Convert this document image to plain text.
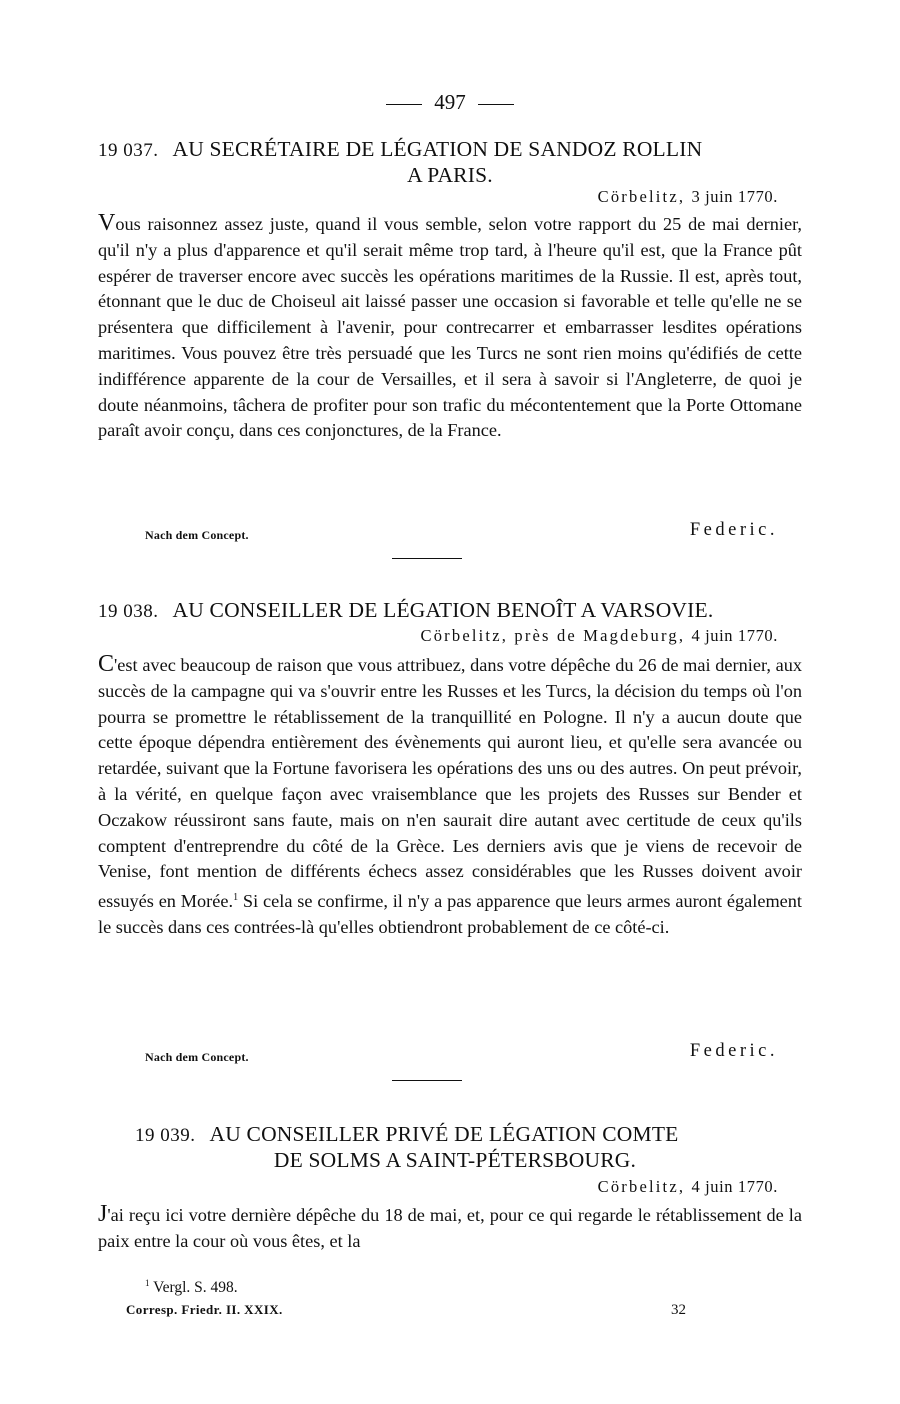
497
19 037. AU SECRÉTAIRE DE LÉGATION DE SANDOZ ROLLIN
A PARIS.
Cörbelitz, 3 juin 1770.
Vous raisonnez assez juste, quand il vous semble, selon votre rapport du 25 de mai dernier, qu'il n'y a plus d'apparence et qu'il serait même trop tard, à l'heure qu'il est, que la France pût espérer de traverser encore avec succès les opérations maritimes de la Russie. Il est, après tout, étonnant que le duc de Choiseul ait laissé passer une occasion si favorable et telle qu'elle ne se présentera que difficilement à l'avenir, pour contrecarrer et embarrasser lesdites opérations maritimes. Vous pouvez être très persuadé que les Turcs ne sont rien moins qu'édifiés de cette indifférence apparente de la cour de Versailles, et il sera à savoir si l'Angleterre, de quoi je doute néanmoins, tâchera de profiter pour son trafic du mécontentement que la Porte Ottomane paraît avoir conçu, dans ces conjonctures, de la France.
Nach dem Concept.	Federic.
19 038. AU CONSEILLER DE LÉGATION BENOÎT A VARSOVIE.
Cörbelitz, près de Magdeburg, 4 juin 1770.
C'est avec beaucoup de raison que vous attribuez, dans votre dépêche du 26 de mai dernier, aux succès de la campagne qui va s'ouvrir entre les Russes et les Turcs, la décision du temps où l'on pourra se promettre le rétablissement de la tranquillité en Pologne. Il n'y a aucun doute que cette époque dépendra entièrement des évènements qui auront lieu, et qu'elle sera avancée ou retardée, suivant que la Fortune favorisera les opérations des uns ou des autres. On peut prévoir, à la vérité, en quelque façon avec vraisemblance que les projets des Russes sur Bender et Oczakow réussiront sans faute, mais on n'en saurait dire autant avec certitude de ceux qu'ils comptent d'entreprendre du côté de la Grèce. Les derniers avis que je viens de recevoir de Venise, font mention de différents échecs assez considérables que les Russes doivent avoir essuyés en Morée.$^1$ Si cela se confirme, il n'y a pas apparence que leurs armes auront également le succès dans ces contrées-là qu'elles obtiendront probablement de ce côté-ci.
Nach dem Concept.	Federic.
19 039. AU CONSEILLER PRIVÉ DE LÉGATION COMTE
DE SOLMS A SAINT-PÉTERSBOURG.
Cörbelitz, 4 juin 1770.
J'ai reçu ici votre dernière dépêche du 18 de mai, et, pour ce qui regarde le rétablissement de la paix entre la cour où vous êtes, et la
$^1$ Vergl. S. 498.
Corresp. Friedr. II. XXIX.	32
